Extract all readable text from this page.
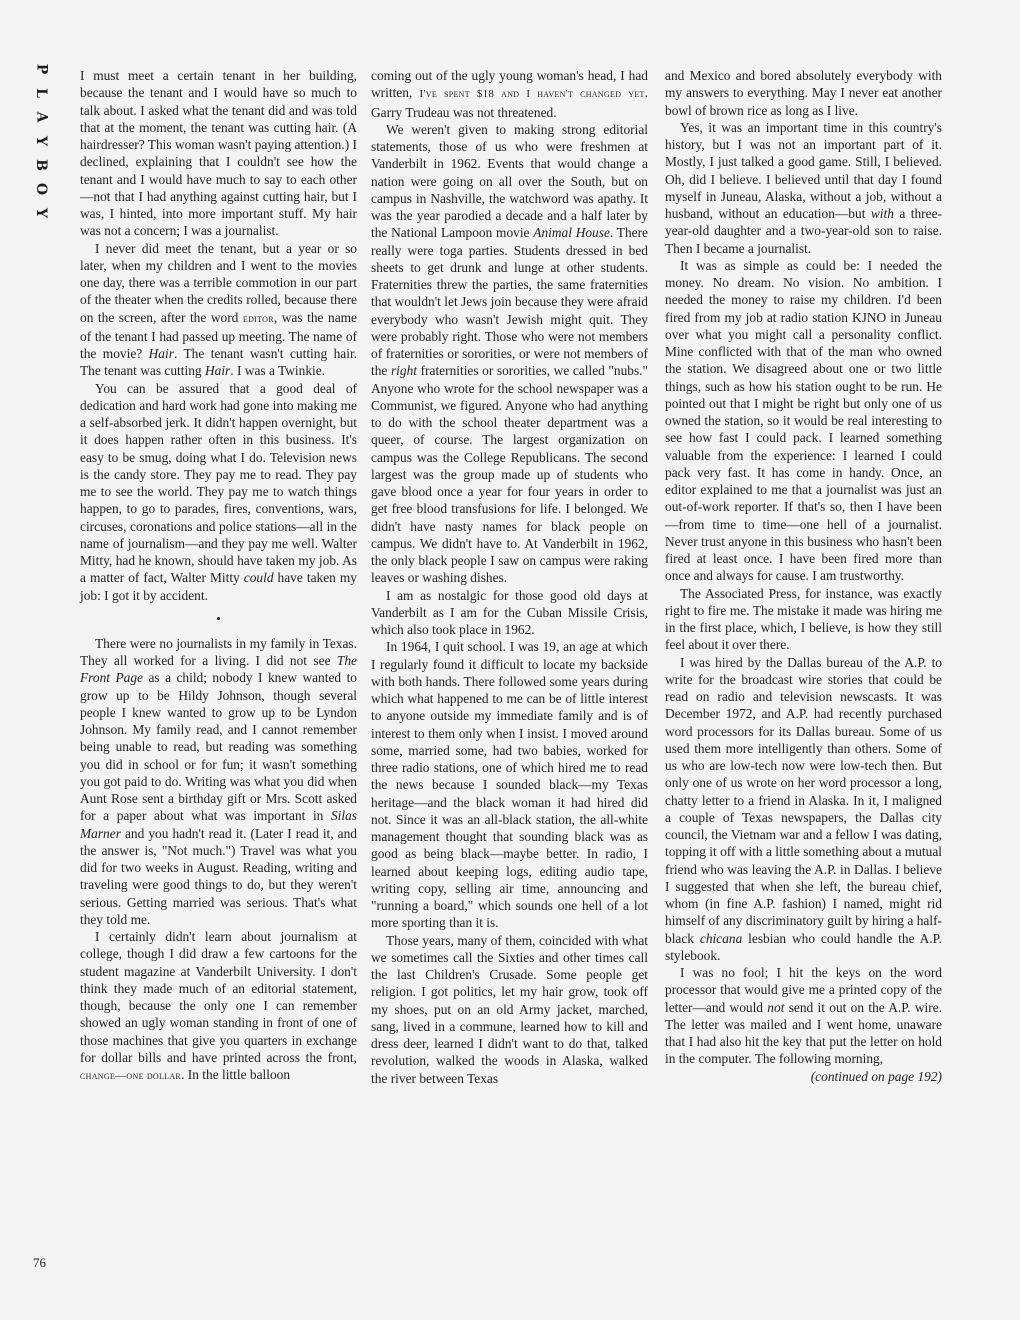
P
L
A
Y
B
O
Y
76

I must meet a certain tenant in her building, because the tenant and I would have so much to talk about. I asked what the tenant did and was told that at the moment, the tenant was cutting hair. (A hairdresser? This woman wasn't paying attention.) I declined, explaining that I couldn't see how the tenant and I would have much to say to each other—not that I had anything against cutting hair, but I was, I hinted, into more important stuff. My hair was not a concern; I was a journalist.

I never did meet the tenant, but a year or so later, when my children and I went to the movies one day, there was a terrible commotion in our part of the theater when the credits rolled, because there on the screen, after the word editor, was the name of the tenant I had passed up meeting. The name of the movie? Hair. The tenant wasn't cutting hair. The tenant was cutting Hair. I was a Twinkie.

You can be assured that a good deal of dedication and hard work had gone into making me a self-absorbed jerk. It didn't happen overnight, but it does happen rather often in this business. It's easy to be smug, doing what I do. Television news is the candy store. They pay me to read. They pay me to see the world. They pay me to watch things happen, to go to parades, fires, conventions, wars, circuses, coronations and police stations—all in the name of journalism—and they pay me well. Walter Mitty, had he known, should have taken my job. As a matter of fact, Walter Mitty could have taken my job: I got it by accident.

•

There were no journalists in my family in Texas. They all worked for a living. I did not see The Front Page as a child; nobody I knew wanted to grow up to be Hildy Johnson, though several people I knew wanted to grow up to be Lyndon Johnson. My family read, and I cannot remember being unable to read, but reading was something you did in school or for fun; it wasn't something you got paid to do. Writing was what you did when Aunt Rose sent a birthday gift or Mrs. Scott asked for a paper about what was important in Silas Marner and you hadn't read it. (Later I read it, and the answer is, "Not much.") Travel was what you did for two weeks in August. Reading, writing and traveling were good things to do, but they weren't serious. Getting married was serious. That's what they told me.

I certainly didn't learn about journalism at college, though I did draw a few cartoons for the student magazine at Vanderbilt University. I don't think they made much of an editorial statement, though, because the only one I can remember showed an ugly woman standing in front of one of those machines that give you quarters in exchange for dollar bills and have printed across the front, change—one dollar. In the little balloon

coming out of the ugly young woman's head, I had written, I've spent $18 and I haven't changed yet. Garry Trudeau was not threatened.

We weren't given to making strong editorial statements, those of us who were freshmen at Vanderbilt in 1962. Events that would change a nation were going on all over the South, but on campus in Nashville, the watchword was apathy. It was the year parodied a decade and a half later by the National Lampoon movie Animal House. There really were toga parties. Students dressed in bed sheets to get drunk and lunge at other students. Fraternities threw the parties, the same fraternities that wouldn't let Jews join because they were afraid everybody who wasn't Jewish might quit. They were probably right. Those who were not members of fraternities or sororities, or were not members of the right fraternities or sororities, we called "nubs." Anyone who wrote for the school newspaper was a Communist, we figured. Anyone who had anything to do with the school theater department was a queer, of course. The largest organization on campus was the College Republicans. The second largest was the group made up of students who gave blood once a year for four years in order to get free blood transfusions for life. I belonged. We didn't have nasty names for black people on campus. We didn't have to. At Vanderbilt in 1962, the only black people I saw on campus were raking leaves or washing dishes.

I am as nostalgic for those good old days at Vanderbilt as I am for the Cuban Missile Crisis, which also took place in 1962.

In 1964, I quit school. I was 19, an age at which I regularly found it difficult to locate my backside with both hands. There followed some years during which what happened to me can be of little interest to anyone outside my immediate family and is of interest to them only when I insist. I moved around some, married some, had two babies, worked for three radio stations, one of which hired me to read the news because I sounded black—my Texas heritage—and the black woman it had hired did not. Since it was an all-black station, the all-white management thought that sounding black was as good as being black—maybe better. In radio, I learned about keeping logs, editing audio tape, writing copy, selling air time, announcing and "running a board," which sounds one hell of a lot more sporting than it is.

Those years, many of them, coincided with what we sometimes call the Sixties and other times call the last Children's Crusade. Some people get religion. I got politics, let my hair grow, took off my shoes, put on an old Army jacket, marched, sang, lived in a commune, learned how to kill and dress deer, learned I didn't want to do that, talked revolution, walked the woods in Alaska, walked the river between Texas

and Mexico and bored absolutely everybody with my answers to everything. May I never eat another bowl of brown rice as long as I live.

Yes, it was an important time in this country's history, but I was not an important part of it. Mostly, I just talked a good game. Still, I believed. Oh, did I believe. I believed until that day I found myself in Juneau, Alaska, without a job, without a husband, without an education—but with a three-year-old daughter and a two-year-old son to raise. Then I became a journalist.

It was as simple as could be: I needed the money. No dream. No vision. No ambition. I needed the money to raise my children. I'd been fired from my job at radio station KJNO in Juneau over what you might call a personality conflict. Mine conflicted with that of the man who owned the station. We disagreed about one or two little things, such as how his station ought to be run. He pointed out that I might be right but only one of us owned the station, so it would be real interesting to see how fast I could pack. I learned something valuable from the experience: I learned I could pack very fast. It has come in handy. Once, an editor explained to me that a journalist was just an out-of-work reporter. If that's so, then I have been—from time to time—one hell of a journalist. Never trust anyone in this business who hasn't been fired at least once. I have been fired more than once and always for cause. I am trustworthy.

The Associated Press, for instance, was exactly right to fire me. The mistake it made was hiring me in the first place, which, I believe, is how they still feel about it over there.

I was hired by the Dallas bureau of the A.P. to write for the broadcast wire stories that could be read on radio and television newscasts. It was December 1972, and A.P. had recently purchased word processors for its Dallas bureau. Some of us used them more intelligently than others. Some of us who are low-tech now were low-tech then. But only one of us wrote on her word processor a long, chatty letter to a friend in Alaska. In it, I maligned a couple of Texas newspapers, the Dallas city council, the Vietnam war and a fellow I was dating, topping it off with a little something about a mutual friend who was leaving the A.P. in Dallas. I believe I suggested that when she left, the bureau chief, whom (in fine A.P. fashion) I named, might rid himself of any discriminatory guilt by hiring a half-black chicana lesbian who could handle the A.P. stylebook.

I was no fool; I hit the keys on the word processor that would give me a printed copy of the letter—and would not send it out on the A.P. wire. The letter was mailed and I went home, unaware that I had also hit the key that put the letter on hold in the computer. The following morning,

(continued on page 192)
